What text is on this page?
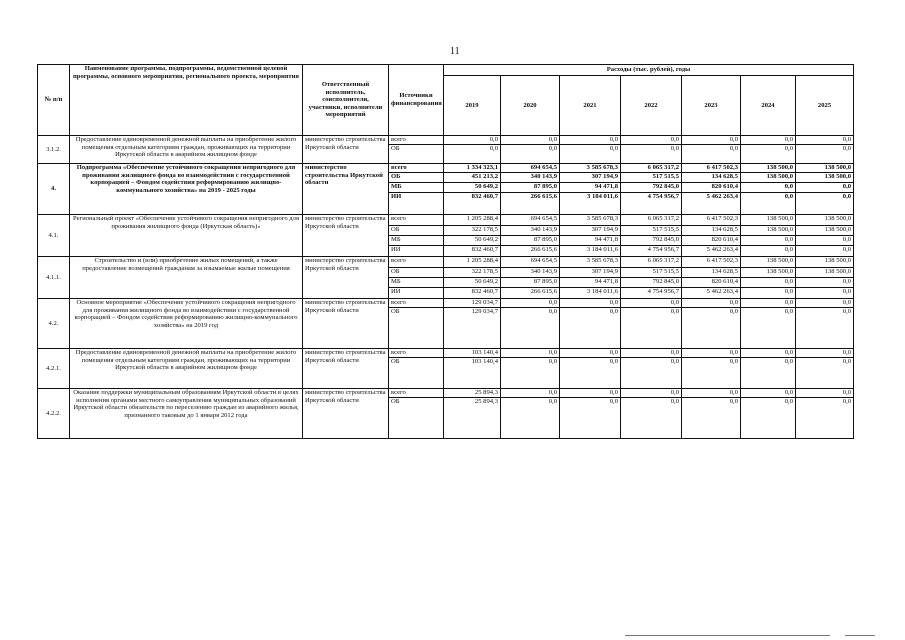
11
№ п/п	Наименование программы, подпрограммы, ведомственной целевой программы, основного мероприятия, регионального проекта, мероприятия	Ответственный исполнитель, соисполнители, участники, исполнители мероприятий	Источники финансирования	Расходы (тыс. рублей), годы						
				2019	2020	2021	2022	2023	2024	2025
3.1.2.	Предоставление единовременной денежной выплаты на приобретение жилого помещения отдельным категориям граждан, проживающих на территории Иркутской области в аварийном жилищном фонде	министерство строительства Иркутской области	всего	0,0	0,0	0,0	0,0	0,0	0,0	0,0
			ОБ	0,0	0,0	0,0	0,0	0,0	0,0	0,0
4.	Подпрограмма «Обеспечение устойчивого сокращения непригодного для проживания жилищного фонда во взаимодействии с государственной корпорацией – Фондом содействия реформированию жилищно-коммунального хозяйства» на 2019 - 2025 годы	министерство строительства Иркутской области	всего	1 334 323,1	694 654,5	3 585 678,3	6 065 317,2	6 417 502,3	138 500,0	138 500,0
			ОБ	451 213,2	340 143,9	307 194,9	517 515,5	134 628,5	138 500,0	138 500,0
			МБ	50 649,2	87 895,0	94 471,8	792 845,0	820 610,4	0,0	0,0
			ИИ	832 460,7	266 615,6	3 184 011,6	4 754 956,7	5 462 263,4	0,0	0,0
4.1.	Региональный проект «Обеспечение устойчивого сокращения непригодного для проживания жилищного фонда (Иркутская область)»	министерство строительства Иркутской области	всего	1 205 288,4	694 654,5	3 585 678,3	6 065 317,2	6 417 502,3	138 500,0	138 500,0
			ОБ	322 178,5	340 143,9	307 194,9	517 515,5	134 628,5	138 500,0	138 500,0
			МБ	50 649,2	87 895,0	94 471,8	792 845,0	820 610,4	0,0	0,0
			ИИ	832 460,7	266 615,6	3 184 011,6	4 754 956,7	5 462 263,4	0,0	0,0
4.1.1.	Строительство и (или) приобретение жилых помещений, а также предоставление возмещений гражданам за изымаемые жилые помещения	министерство строительства Иркутской области	всего	1 205 288,4	694 654,5	3 585 678,3	6 065 317,2	6 417 502,3	138 500,0	138 500,0
			ОБ	322 178,5	340 143,9	307 194,9	517 515,5	134 628,5	138 500,0	138 500,0
			МБ	50 649,2	87 895,0	94 471,8	792 845,0	820 610,4	0,0	0,0
			ИИ	832 460,7	266 615,6	3 184 011,6	4 754 956,7	5 462 263,4	0,0	0,0
4.2.	Основное мероприятие «Обеспечение устойчивого сокращения непригодного для проживания жилищного фонда во взаимодействии с государственной корпорацией – Фондом содействия реформированию жилищно-коммунального хозяйства» на 2019 год	министерство строительства Иркутской области	всего	129 034,7	0,0	0,0	0,0	0,0	0,0	0,0
			ОБ	129 034,7	0,0	0,0	0,0	0,0	0,0	0,0
4.2.1.	Предоставление единовременной денежной выплаты на приобретение жилого помещения отдельным категориям граждан, проживающих на территории Иркутской области в аварийном жилищном фонде	министерство строительства Иркутской области	всего	103 140,4	0,0	0,0	0,0	0,0	0,0	0,0
			ОБ	103 140,4	0,0	0,0	0,0	0,0	0,0	0,0
4.2.2.	Оказание поддержки муниципальным образованиям Иркутской области в целях исполнения органами местного самоуправления муниципальных образований Иркутской области обязательств по переселению граждан из аварийного жилья, признанного таковым до 1 января 2012 года	министерство строительства Иркутской области	всего	25 894,3	0,0	0,0	0,0	0,0	0,0	0,0
			ОБ	25 894,3	0,0	0,0	0,0	0,0	0,0	0,0
